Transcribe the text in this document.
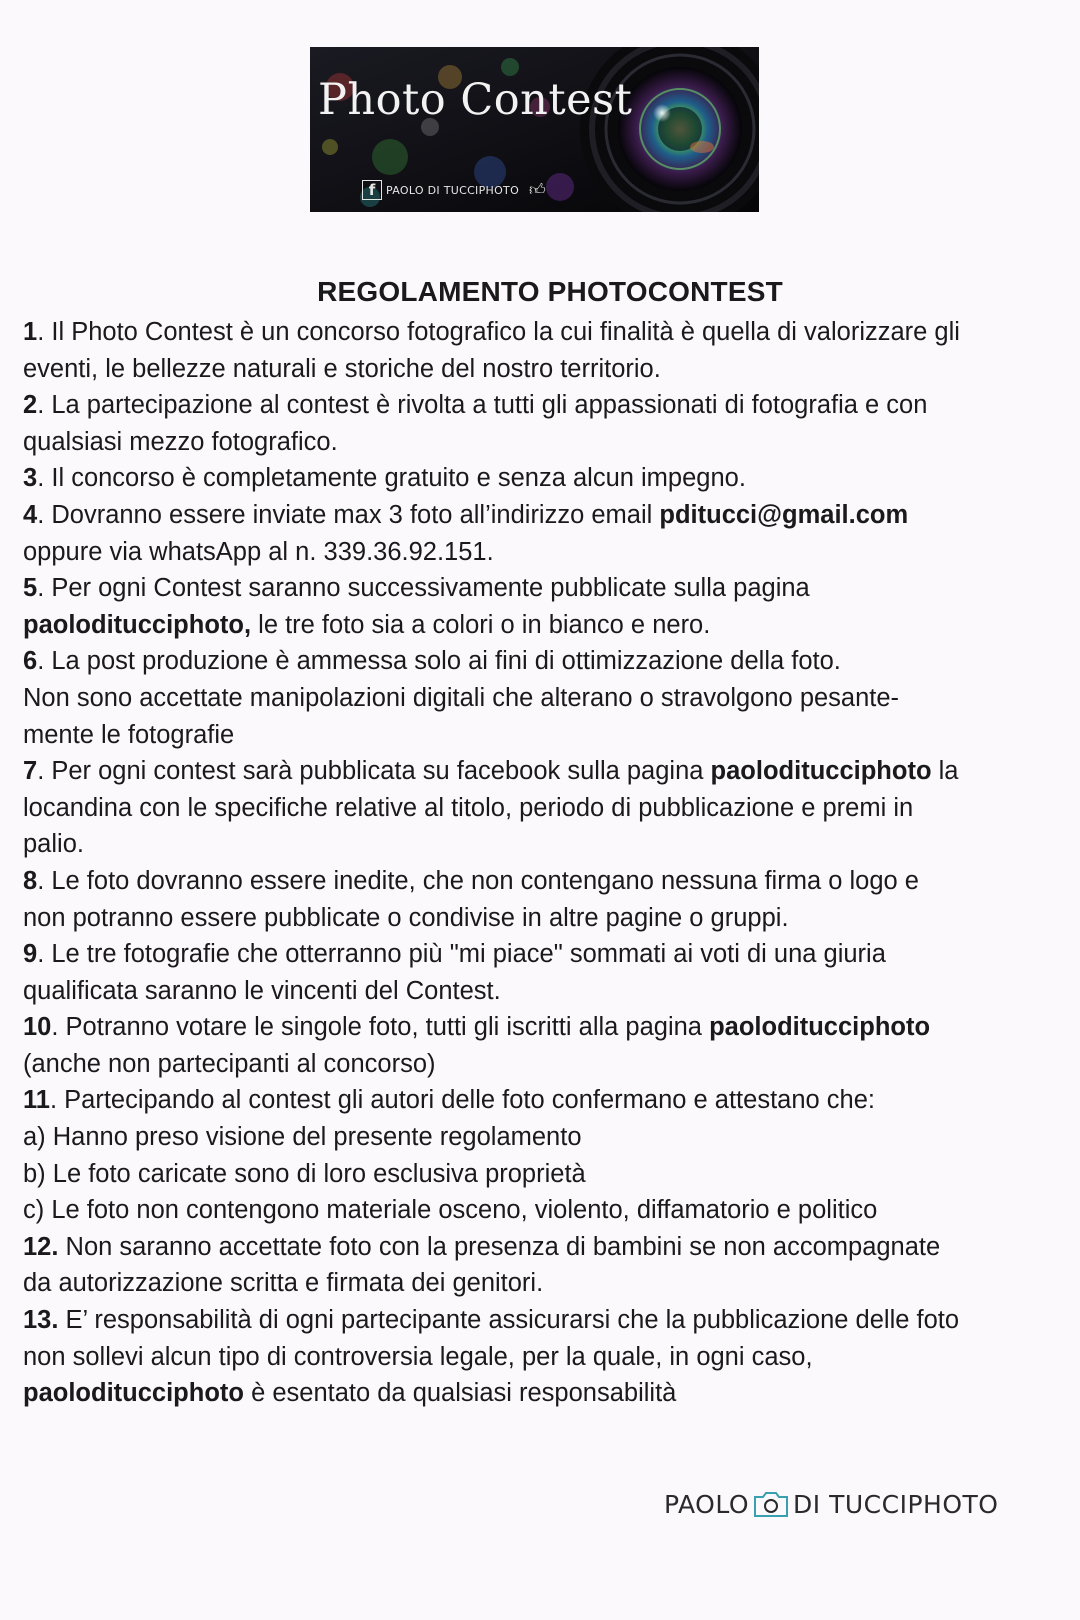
Photo Contest
f PAOLO DI TUCCIPHOTO 👍︎
REGOLAMENTO PHOTOCONTEST
1. Il Photo Contest è un concorso fotografico la cui finalità è quella di valorizzare gli
eventi, le bellezze naturali e storiche del nostro territorio.
2. La partecipazione al contest è rivolta a tutti gli appassionati di fotografia e con
qualsiasi mezzo fotografico.
3. Il concorso è completamente gratuito e senza alcun impegno.
4. Dovranno essere inviate max 3 foto all’indirizzo email pditucci@gmail.com
oppure via whatsApp al n. 339.36.92.151.
5. Per ogni Contest saranno successivamente pubblicate sulla pagina
paoloditucciphoto, le tre foto sia a colori o in bianco e nero.
6. La post produzione è ammessa solo ai fini di ottimizzazione della foto.
Non sono accettate manipolazioni digitali che alterano o stravolgono pesante-
mente le fotografie
7. Per ogni contest sarà pubblicata su facebook sulla pagina paoloditucciphoto la
locandina con le specifiche relative al titolo, periodo di pubblicazione e premi in
palio.
8. Le foto dovranno essere inedite, che non contengano nessuna firma o logo e
non potranno essere pubblicate o condivise in altre pagine o gruppi.
9. Le tre fotografie che otterranno più "mi piace" sommati ai voti di una giuria
qualificata saranno le vincenti del Contest.
10. Potranno votare le singole foto, tutti gli iscritti alla pagina paoloditucciphoto
(anche non partecipanti al concorso)
11. Partecipando al contest gli autori delle foto confermano e attestano che:
a) Hanno preso visione del presente regolamento
b) Le foto caricate sono di loro esclusiva proprietà
c) Le foto non contengono materiale osceno, violento, diffamatorio e politico
12. Non saranno accettate foto con la presenza di bambini se non accompagnate
da autorizzazione scritta e firmata dei genitori.
13. E’ responsabilità di ogni partecipante assicurarsi che la pubblicazione delle foto
non sollevi alcun tipo di controversia legale, per la quale, in ogni caso,
paoloditucciphoto è esentato da qualsiasi responsabilità
PAOLO DI TUCCIPHOTO
